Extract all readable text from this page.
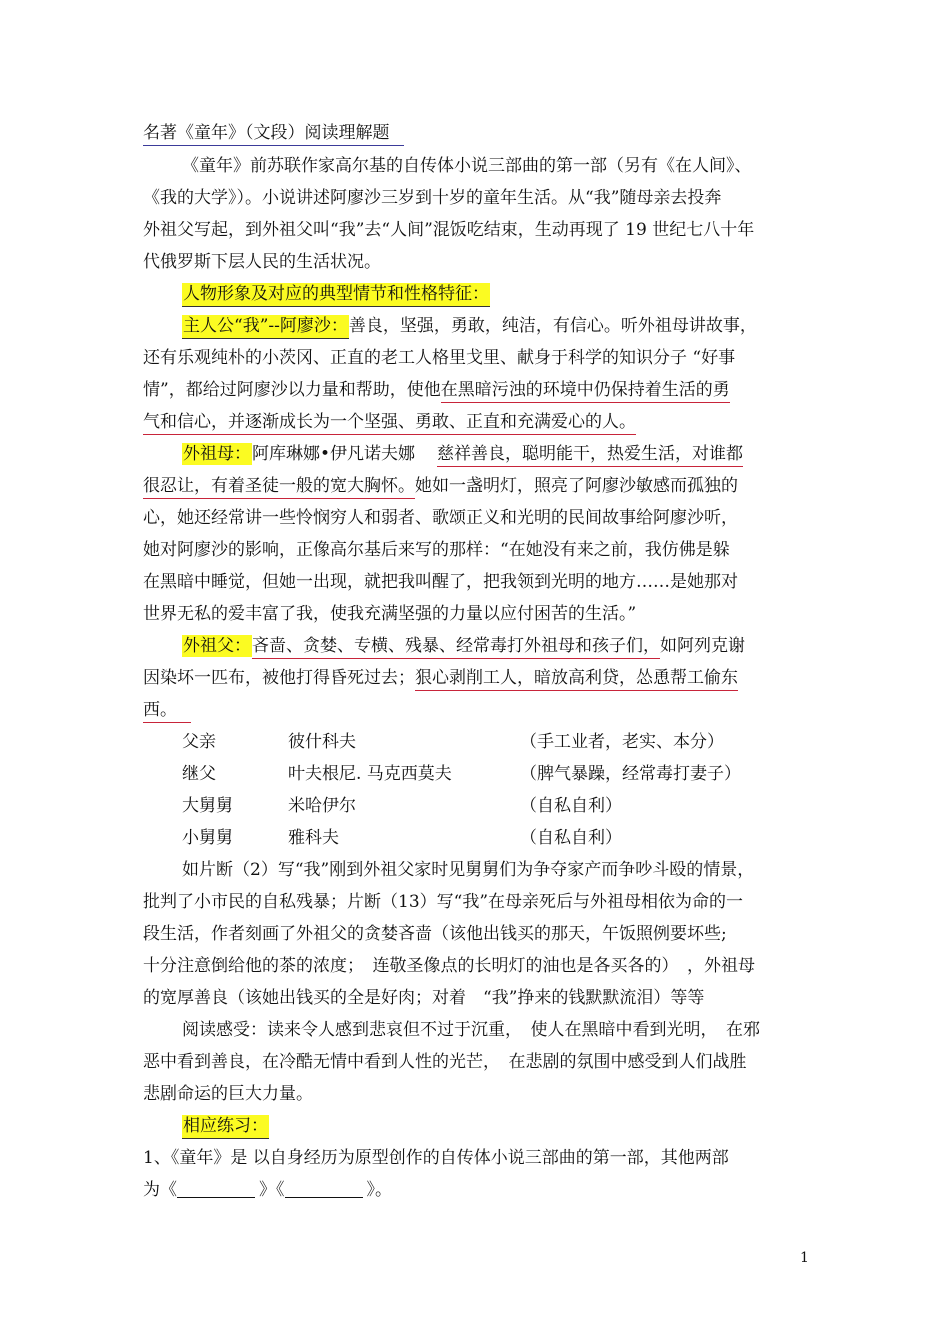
名著《童年》（文段）阅读理解题
《童年》前苏联作家高尔基的自传体小说三部曲的第一部（另有《在人间》、
《我的大学》）。小说讲述阿廖沙三岁到十岁的童年生活。从“我”随母亲去投奔
外祖父写起，到外祖父叫“我”去“人间”混饭吃结束，生动再现了 19 世纪七八十年
代俄罗斯下层人民的生活状况。
人物形象及对应的典型情节和性格特征：
主人公“我”--阿廖沙：善良，坚强，勇敢，纯洁，有信心。听外祖母讲故事，
还有乐观纯朴的小茨冈、正直的老工人格里戈里、献身于科学的知识分子 “好事
情”，都给过阿廖沙以力量和帮助，使他在黑暗污浊的环境中仍保持着生活的勇
气和信心，并逐渐成长为一个坚强、勇敢、正直和充满爱心的人。
外祖母：阿库琳娜•伊凡诺夫娜 慈祥善良，聪明能干，热爱生活，对谁都
很忍让，有着圣徒一般的宽大胸怀。她如一盏明灯，照亮了阿廖沙敏感而孤独的
心，她还经常讲一些怜悯穷人和弱者、歌颂正义和光明的民间故事给阿廖沙听，
她对阿廖沙的影响，正像高尔基后来写的那样：“在她没有来之前，我仿佛是躲
在黑暗中睡觉，但她一出现，就把我叫醒了，把我领到光明的地方……是她那对
世界无私的爱丰富了我，使我充满坚强的力量以应付困苦的生活。”
外祖父：吝啬、贪婪、专横、残暴、经常毒打外祖母和孩子们，如阿列克谢
因染坏一匹布，被他打得昏死过去；狠心剥削工人，暗放高利贷，怂恿帮工偷东
西。
父亲	彼什科夫	（手工业者，老实、本分）
继父	叶夫根尼. 马克西莫夫	（脾气暴躁，经常毒打妻子）
大舅舅	米哈伊尔	（自私自利）
小舅舅	雅科夫	（自私自利）
如片断（2）写“我”刚到外祖父家时见舅舅们为争夺家产而争吵斗殴的情景，
批判了小市民的自私残暴；片断（13）写“我”在母亲死后与外祖母相依为命的一
段生活，作者刻画了外祖父的贪婪吝啬（该他出钱买的那天，午饭照例要坏些;
十分注意倒给他的茶的浓度；　连敬圣像点的长明灯的油也是各买各的）　，外祖母
的宽厚善良（该她出钱买的全是好肉；对着　“我”挣来的钱默默流泪）等等
阅读感受：读来令人感到悲哀但不过于沉重，　使人在黑暗中看到光明，　在邪
恶中看到善良，在冷酷无情中看到人性的光芒，　在悲剧的氛围中感受到人们战胜
悲剧命运的巨大力量。
相应练习：
1、《童年》是 以自身经历为原型创作的自传体小说三部曲的第一部，其他两部
为《	》《	》。
1
